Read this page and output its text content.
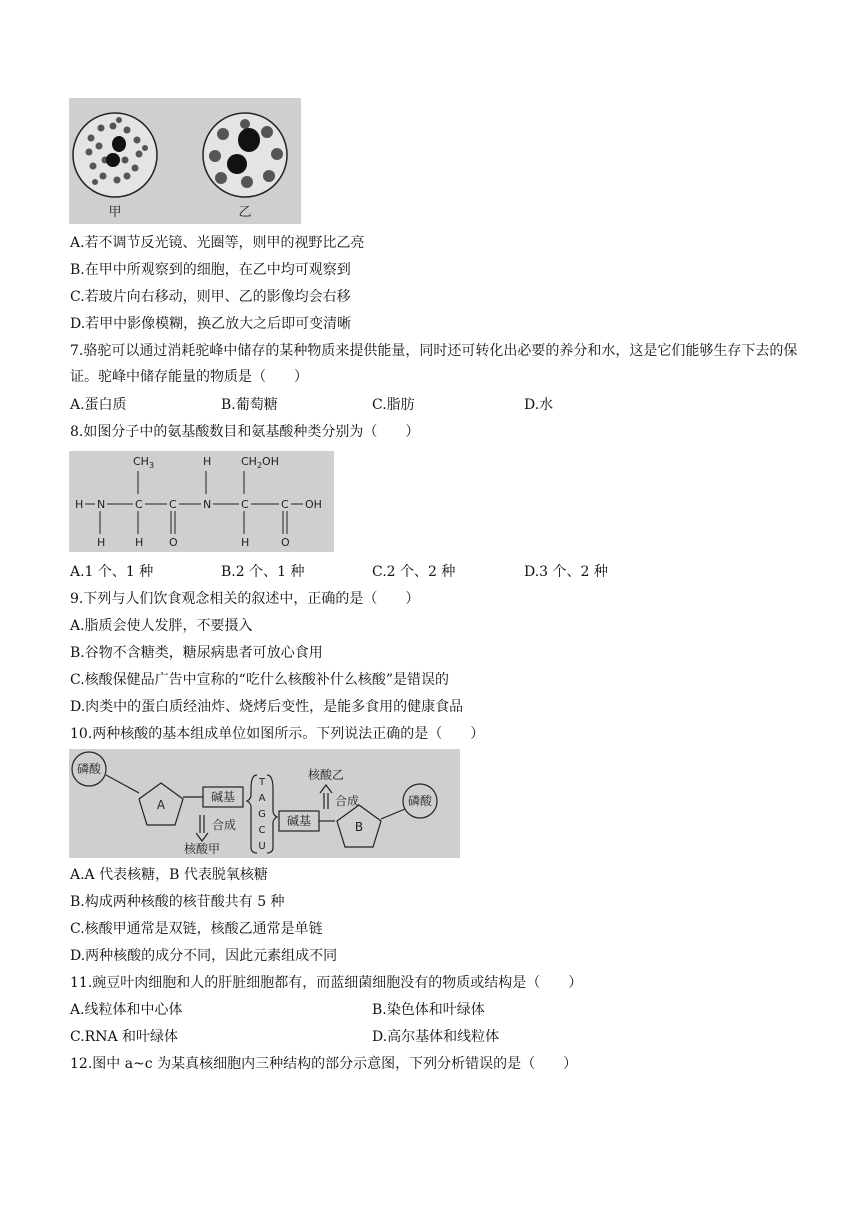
甲	乙
A.若不调节反光镜、光圈等，则甲的视野比乙亮
B.在甲中所观察到的细胞，在乙中均可观察到
C.若玻片向右移动，则甲、乙的影像均会右移
D.若甲中影像模糊，换乙放大之后即可变清晰
7.骆驼可以通过消耗驼峰中储存的某种物质来提供能量，同时还可转化出必要的养分和水，这是它们能够生存下去的保证。驼峰中储存能量的物质是（　　）
A.蛋白质	B.葡萄糖	C.脂肪	D.水
8.如图分子中的氨基酸数目和氨基酸种类分别为（　　）
$CH_3$	H	$CH_2OH$
H N	C C N	C	C OH
H	H O	H	O
A.1 个、1 种	B.2 个、1 种	C.2 个、2 种	D.3 个、2 种
9.下列与人们饮食观念相关的叙述中，正确的是（　　）
A.脂质会使人发胖，不要摄入
B.谷物不含糖类，糖尿病患者可放心食用
C.核酸保健品广告中宣称的“吃什么核酸补什么核酸”是错误的
D.肉类中的蛋白质经油炸、烧烤后变性，是能多食用的健康食品
10.两种核酸的基本组成单位如图所示。下列说法正确的是（　　）
磷酸
磷酸
A
B
碱基
碱基
合成
合成
核酸甲
核酸乙
T
A
G
C
U
A.A 代表核糖，B 代表脱氧核糖
B.构成两种核酸的核苷酸共有 5 种
C.核酸甲通常是双链，核酸乙通常是单链
D.两种核酸的成分不同，因此元素组成不同
11.豌豆叶肉细胞和人的肝脏细胞都有，而蓝细菌细胞没有的物质或结构是（　　）
A.线粒体和中心体	B.染色体和叶绿体
C.RNA 和叶绿体	D.高尔基体和线粒体
12.图中 a~c 为某真核细胞内三种结构的部分示意图，下列分析错误的是（　　）
